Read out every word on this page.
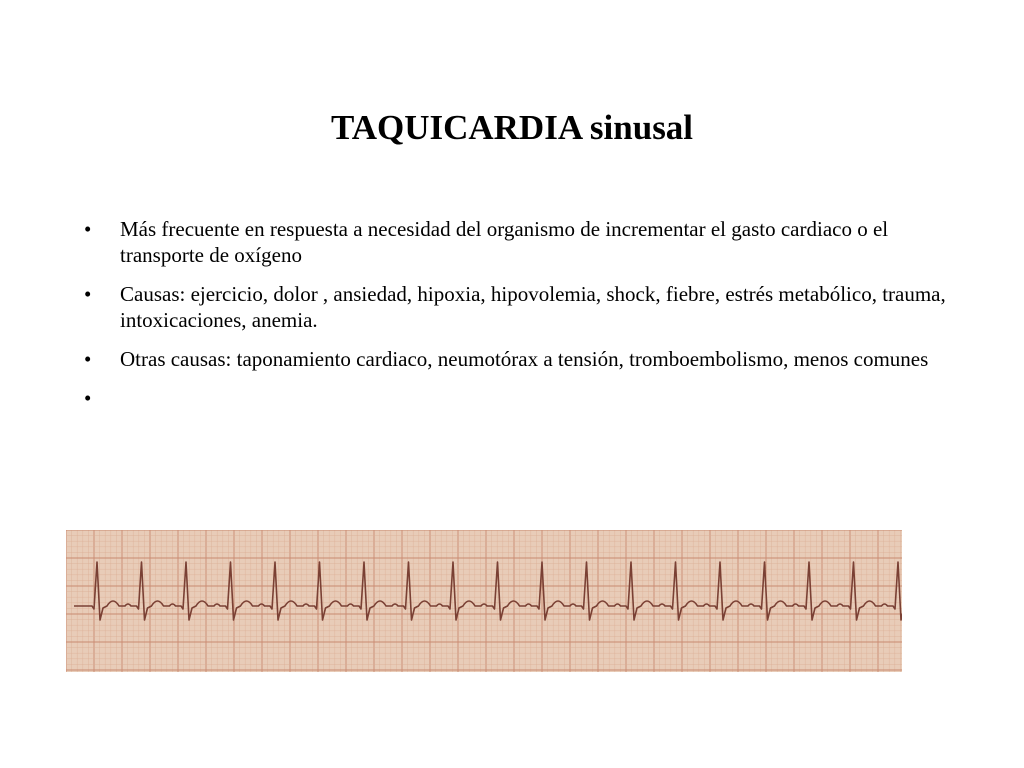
TAQUICARDIA sinusal
• Más frecuente en respuesta a necesidad del organismo de incrementar el gasto cardiaco o el transporte de oxígeno
• Causas: ejercicio, dolor , ansiedad, hipoxia, hipovolemia, shock, fiebre, estrés metabólico, trauma, intoxicaciones, anemia.
• Otras causas: taponamiento cardiaco, neumotórax a tensión, tromboembolismo, menos comunes
•
